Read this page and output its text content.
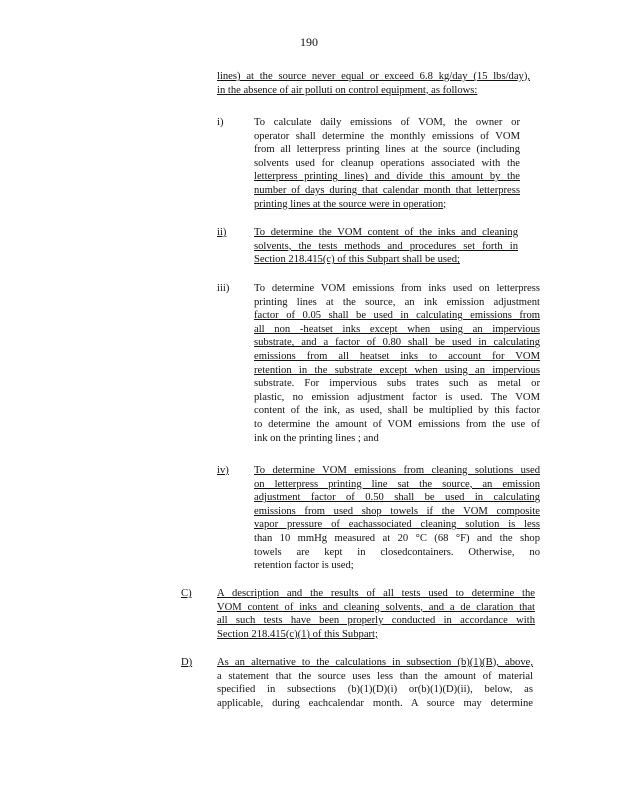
190
lines) at the source never equal or exceed 6.8 kg/day (15 lbs/day),
in the absence of air polluti on control equipment, as follows:
i)	To calculate daily emissions of VOM, the owner or
operator shall determine the monthly emissions of VOM
from all letterpress printing lines at the source (including
solvents used for cleanup operations associated with the
letterpress printing lines) and divide this amount by the
number of days during that calendar month that letterpress
printing lines at the source were in operation;
ii)	To determine the VOM content of the inks and cleaning
solvents, the tests methods and procedures set forth in
Section 218.415(c) of this Subpart shall be used;
iii) To determine VOM emissions from inks used on letterpress
printing lines at the source, an ink emission adjustment
factor of 0.05 shall be used in calculating emissions from
all non -heatset inks except when using an impervious
substrate, and a factor of 0.80 shall be used in calculating
emissions from all heatset inks to account for VOM
retention in the substrate except when using an impervious
substrate. For impervious subs trates such as metal or
plastic, no emission adjustment factor is used. The VOM
content of the ink, as used, shall be multiplied by this factor
to determine the amount of VOM emissions from the use of
ink on the printing lines ; and
iv) To determine VOM emissions from cleaning solutions used
on letterpress printing line sat the source, an emission
adjustment factor of 0.50 shall be used in calculating
emissions from used shop towels if the VOM composite
vapor pressure of eachassociated cleaning solution is less
than 10 mmHg measured at 20 °C (68 °F) and the shop
towels are kept in closedcontainers. Otherwise, no
retention factor is used;
C) A description and the results of all tests used to determine the
VOM content of inks and cleaning solvents, and a de claration that
all such tests have been properly conducted in accordance with
Section 218.415(c)(1) of this Subpart;
D) As an alternative to the calculations in subsection (b)(1)(B), above,
a statement that the source uses less than the amount of material
specified in subsections (b)(1)(D)(i) or(b)(1)(D)(ii), below, as
applicable, during eachcalendar month. A source may determine
